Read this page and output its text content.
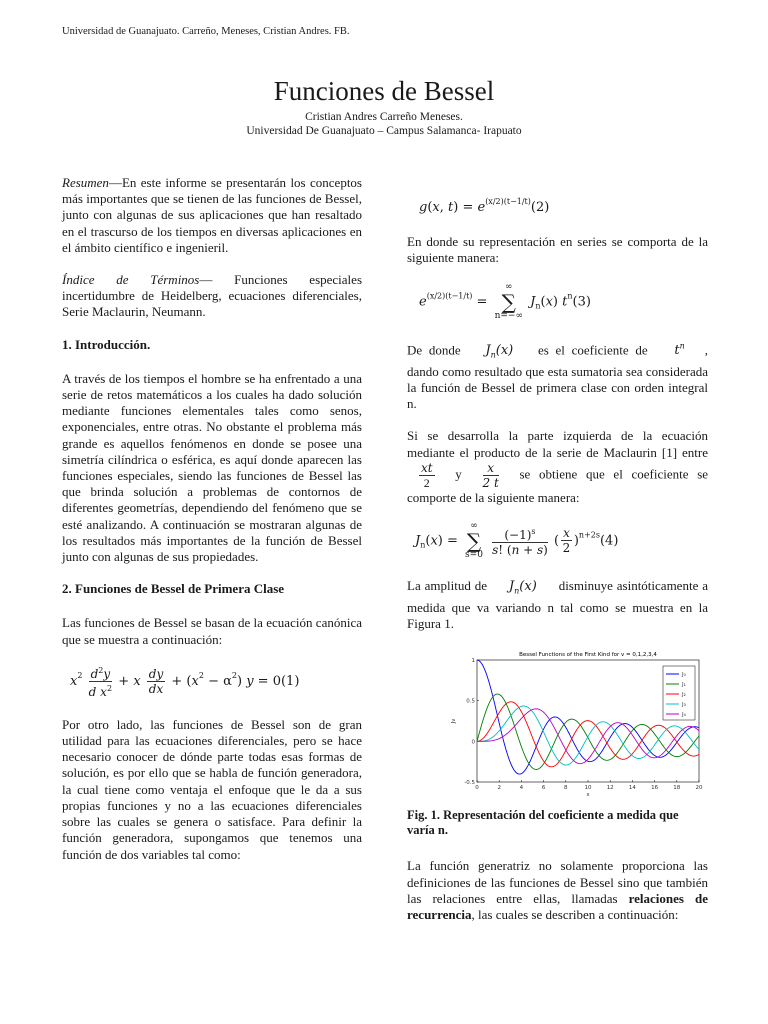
Universidad de Guanajuato. Carreño, Meneses, Cristian Andres. FB.
Funciones de Bessel
Cristian Andres Carreño Meneses.
Universidad De Guanajuato – Campus Salamanca- Irapuato

Resumen—En este informe se presentarán los conceptos más importantes que se tienen de las funciones de Bessel, junto con algunas de sus aplicaciones que han resaltado en el trascurso de los tiempos en diversas aplicaciones en el ámbito científico e ingenieril.

Índice de Términos— Funciones especiales incertidumbre de Heidelberg, ecuaciones diferenciales, Serie Maclaurin, Neumann.

1. Introducción.

A través de los tiempos el hombre se ha enfrentado a una serie de retos matemáticos a los cuales ha dado solución mediante funciones elementales tales como senos, exponenciales, entre otras. No obstante el problema más grande es aquellos fenómenos en donde se posee una simetría cilíndrica o esférica, es aquí donde aparecen las funciones especiales, siendo las funciones de Bessel las que brinda solución a problemas de contornos de diferentes geometrías, dependiendo del fenómeno que se esté analizando. A continuación se mostraran algunas de los resultados más importantes de la función de Bessel junto con algunas de sus propiedades.

2. Funciones de Bessel de Primera Clase

Las funciones de Bessel se basan de la ecuación canónica que se muestra a continuación:

$x^2 \frac{d^2y}{d x^2} + x \frac{dy}{dx} + (x^2 - \alpha^2) y = 0(1)$

Por otro lado, las funciones de Bessel son de gran utilidad para las ecuaciones diferenciales, pero se hace necesario conocer de dónde parte todas esas formas de solución, es por ello que se habla de función generadora, la cual tiene como ventaja el enfoque que le da a sus propias funciones y no a las ecuaciones diferenciales sobre las cuales se genera o satisface. Para definir la función generadora, supongamos que tenemos una función de dos variables tal como:

g(x, $t) = e^{(x/2)(t-1/t)}(2)$

En donde su representación en series se comporta de la siguiente manera:

$e^{(x/2)(t-1/t)}$ = ∞
∑
n=−∞ $J_n(x)$ $t^n(3)$

De donde $J_n(x)$ es el coeficiente de $t^n$ , dando como resultado que esta sumatoria sea considerada la función de Bessel de primera clase con orden integral n.

Si se desarrolla la parte izquierda de la ecuación mediante el producto de la serie de Maclaurin [1] entre
$\frac{xt}{2}$ y $\frac{x}{2 t}$ se obtiene que el coeficiente se comporte de la siguiente manera:

$J_n(x)$ = ∞
∑
$s=0 \frac{(-1)^s}{s! (n + s)}$ ( $\frac{x}{2} )^{n+2s}(4)$

La amplitud de $J_n(x)$ disminuye asintóticamente a medida que va variando n tal como se muestra en la Figura 1.

Bessel Functions of the First Kind for v = 0,1,2,3,4
0	2	4	6	8	10	12	14	16	18	20
-0.5
0
0.5
1
x
Jν
J₀
J₁
J₂
J₃
J₄
Fig. 1. Representación del coeficiente a medida que varía n.

La función generatriz no solamente proporciona las definiciones de las funciones de Bessel sino que también las relaciones entre ellas, llamadas relaciones de recurrencia, las cuales se describen a continuación:
